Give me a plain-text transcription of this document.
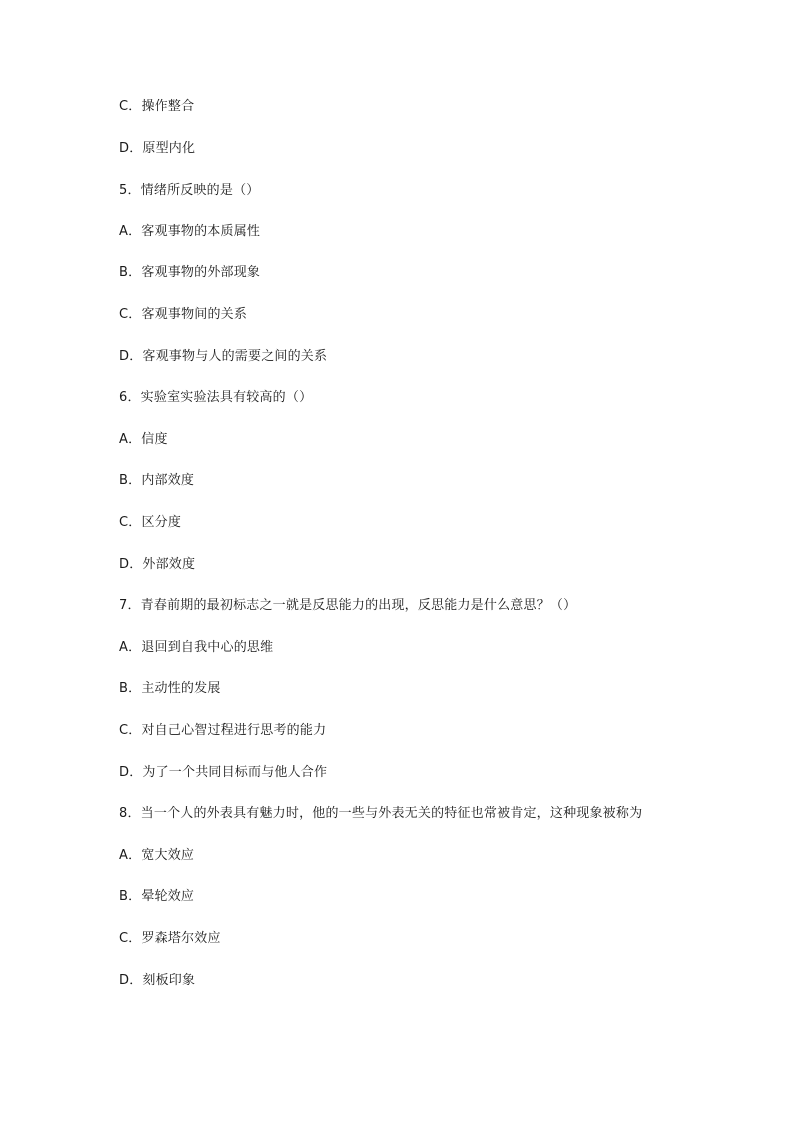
C．操作整合
D．原型内化
5．情绪所反映的是（）
A．客观事物的本质属性
B．客观事物的外部现象
C．客观事物间的关系
D．客观事物与人的需要之间的关系
6．实验室实验法具有较高的（）
A．信度
B．内部效度
C．区分度
D．外部效度
7．青春前期的最初标志之一就是反思能力的出现，反思能力是什么意思？（）
A．退回到自我中心的思维
B．主动性的发展
C．对自己心智过程进行思考的能力
D．为了一个共同目标而与他人合作
8．当一个人的外表具有魅力时，他的一些与外表无关的特征也常被肯定，这种现象被称为
A．宽大效应
B．晕轮效应
C．罗森塔尔效应
D．刻板印象
